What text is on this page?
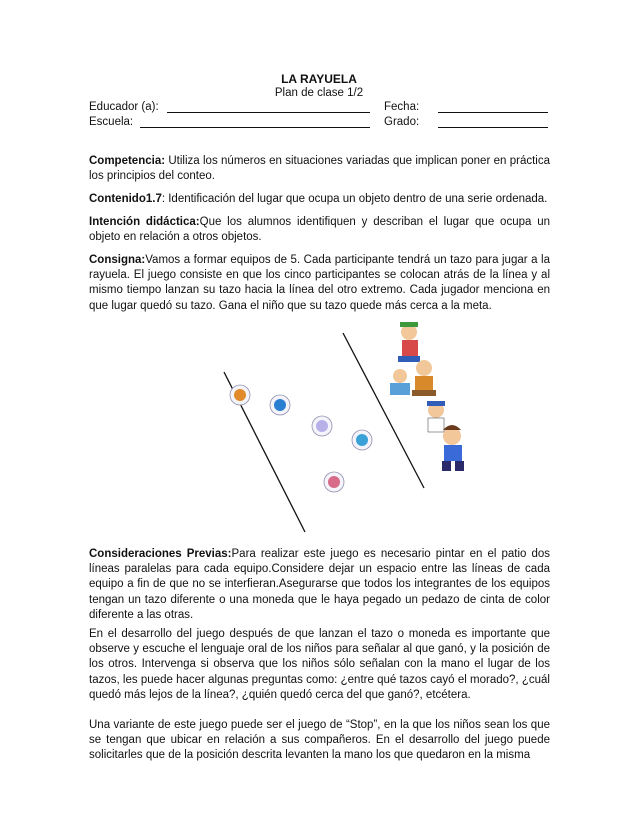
LA RAYUELA
Plan de clase 1/2
Educador (a):	Fecha:
Escuela:	Grado:
Competencia: Utiliza los números en situaciones variadas que implican poner en práctica los principios del conteo.
Contenido1.7: Identificación del lugar que ocupa un objeto dentro de una serie ordenada.
Intención didáctica:Que los alumnos identifiquen y describan el lugar que ocupa un objeto en relación a otros objetos.
Consigna:Vamos a formar equipos de 5. Cada participante tendrá un tazo para jugar a la rayuela. El juego consiste en que los cinco participantes se colocan atrás de la línea y al mismo tiempo lanzan su tazo hacia la línea del otro extremo. Cada jugador menciona en que lugar quedó su tazo. Gana el niño que su tazo quede más cerca a la meta.
Consideraciones Previas:Para realizar este juego es necesario pintar en el patio dos líneas paralelas para cada equipo.Considere dejar un espacio entre las líneas de cada equipo a fin de que no se interfieran.Asegurarse que todos los integrantes de los equipos tengan un tazo diferente o una moneda que le haya pegado un pedazo de cinta de color diferente a las otras.
En el desarrollo del juego después de que lanzan el tazo o moneda es importante que observe y escuche el lenguaje oral de los niños para señalar al que ganó, y la posición de los otros. Intervenga si observa que los niños sólo señalan con la mano el lugar de los tazos, les puede hacer algunas preguntas como: ¿entre qué tazos cayó el morado?, ¿cuál quedó más lejos de la línea?, ¿quién quedó cerca del que ganó?, etcétera.
Una variante de este juego puede ser el juego de “Stop”, en la que los niños sean los que se tengan que ubicar en relación a sus compañeros. En el desarrollo del juego puede solicitarles que de la posición descrita levanten la mano los que quedaron en la misma
